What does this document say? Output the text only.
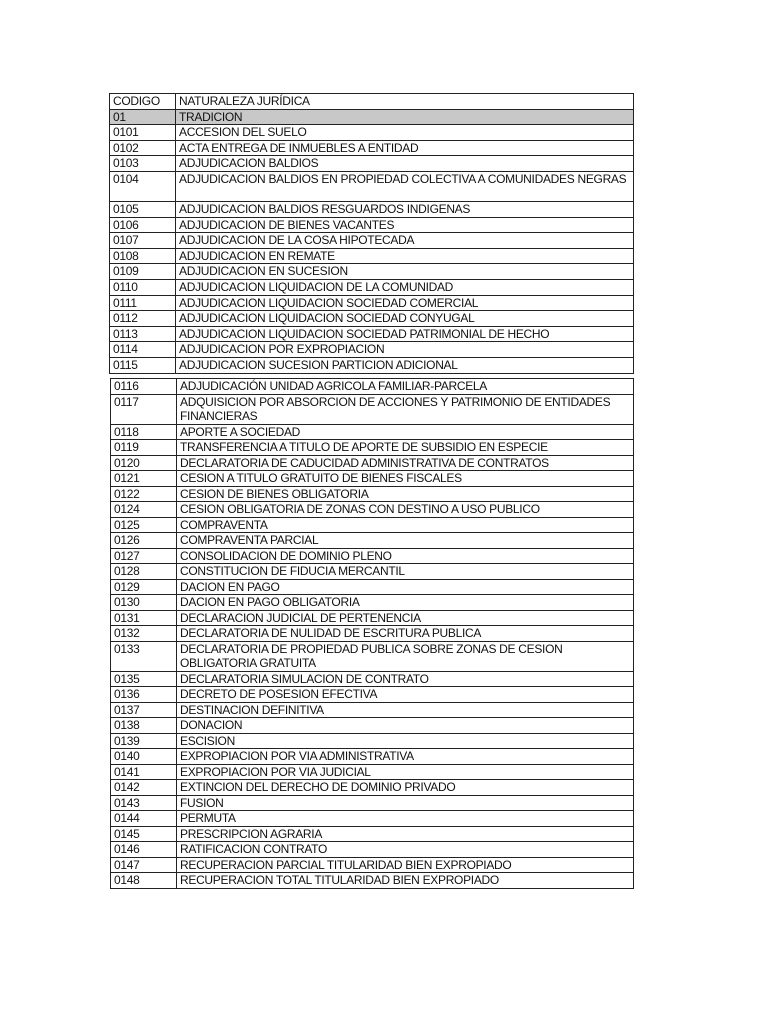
CODIGO	NATURALEZA JURÍDICA
01	TRADICION
0101	ACCESION DEL SUELO
0102	ACTA ENTREGA DE INMUEBLES A ENTIDAD
0103	ADJUDICACION BALDIOS
0104	ADJUDICACION BALDIOS EN PROPIEDAD COLECTIVA A COMUNIDADES NEGRAS
0105	ADJUDICACION BALDIOS RESGUARDOS INDIGENAS
0106	ADJUDICACION DE BIENES VACANTES
0107	ADJUDICACION DE LA COSA HIPOTECADA
0108	ADJUDICACION EN REMATE
0109	ADJUDICACION EN SUCESION
0110	ADJUDICACION LIQUIDACION DE LA COMUNIDAD
0111	ADJUDICACION LIQUIDACION SOCIEDAD COMERCIAL
0112	ADJUDICACION LIQUIDACION SOCIEDAD CONYUGAL
0113	ADJUDICACION LIQUIDACION SOCIEDAD PATRIMONIAL DE HECHO
0114	ADJUDICACION POR EXPROPIACION
0115	ADJUDICACION SUCESION PARTICION ADICIONAL
0116	ADJUDICACIÓN UNIDAD AGRICOLA FAMILIAR-PARCELA
0117	ADQUISICION POR ABSORCION DE ACCIONES Y PATRIMONIO DE ENTIDADES FINANCIERAS
0118	APORTE A SOCIEDAD
0119	TRANSFERENCIA A TITULO DE APORTE DE SUBSIDIO EN ESPECIE
0120	DECLARATORIA DE CADUCIDAD ADMINISTRATIVA DE CONTRATOS
0121	CESION A TITULO GRATUITO DE BIENES FISCALES
0122	CESION DE BIENES OBLIGATORIA
0124	CESION OBLIGATORIA DE ZONAS CON DESTINO A USO PUBLICO
0125	COMPRAVENTA
0126	COMPRAVENTA PARCIAL
0127	CONSOLIDACION DE DOMINIO PLENO
0128	CONSTITUCION DE FIDUCIA MERCANTIL
0129	DACION EN PAGO
0130	DACION EN PAGO OBLIGATORIA
0131	DECLARACION JUDICIAL DE PERTENENCIA
0132	DECLARATORIA DE NULIDAD DE ESCRITURA PUBLICA
0133	DECLARATORIA DE PROPIEDAD PUBLICA SOBRE ZONAS DE CESION OBLIGATORIA GRATUITA
0135	DECLARATORIA SIMULACION DE CONTRATO
0136	DECRETO DE POSESION EFECTIVA
0137	DESTINACION DEFINITIVA
0138	DONACION
0139	ESCISION
0140	EXPROPIACION POR VIA ADMINISTRATIVA
0141	EXPROPIACION POR VIA JUDICIAL
0142	EXTINCION DEL DERECHO DE DOMINIO PRIVADO
0143	FUSION
0144	PERMUTA
0145	PRESCRIPCION AGRARIA
0146	RATIFICACION CONTRATO
0147	RECUPERACION PARCIAL TITULARIDAD BIEN EXPROPIADO
0148	RECUPERACION TOTAL TITULARIDAD BIEN EXPROPIADO
